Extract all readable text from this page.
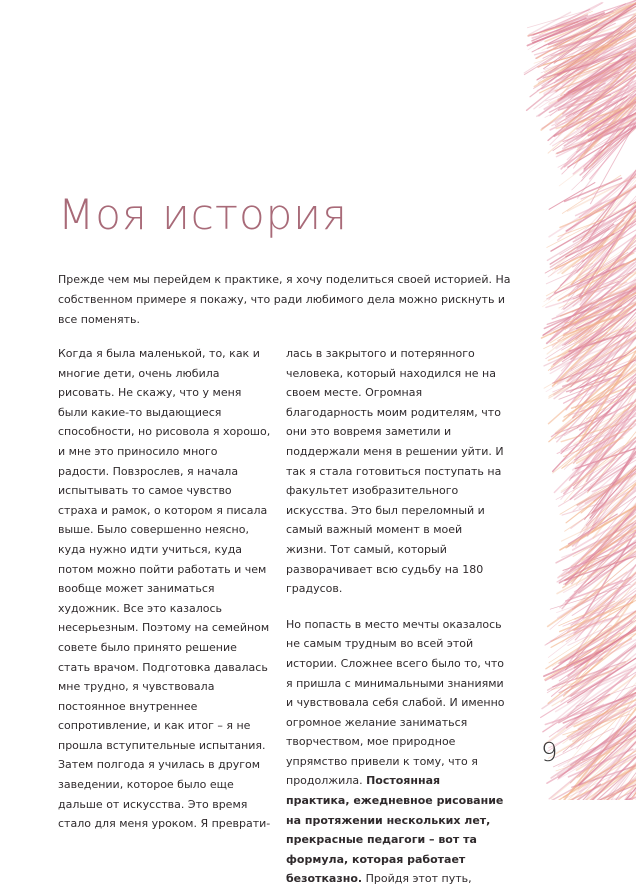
Моя история

Прежде чем мы перейдем к практике, я хочу поделиться своей историей. На собственном примере я покажу, что ради любимого дела можно рискнуть и все поменять.

Когда я была маленькой, то, как и многие дети, очень любила рисовать. Не скажу, что у меня были какие-то выдающиеся способности, но рисовола я хорошо, и мне это приносило много радости. Повзрослев, я начала испытывать то самое чувство страха и рамок, о котором я писала выше. Было совершенно неясно, куда нужно идти учиться, куда потом можно пойти работать и чем вообще может заниматься художник. Все это казалось несерьезным. Поэтому на семейном совете было принято решение стать врачом. Подготовка давалась мне трудно, я чувствовала постоянное внутреннее сопротивление, и как итог – я не прошла вступительные испытания. Затем полгода я училась в другом заведении, которое было еще дальше от искусства. Это время стало для меня уроком. Я преврати-

лась в закрытого и потерянного человека, который находился не на своем месте. Огромная благодарность моим родителям, что они это вовремя заметили и поддержали меня в решении уйти. И так я стала готовиться поступать на факультет изобразительного искусства. Это был переломный и самый важный момент в моей жизни. Тот самый, который разворачивает всю судьбу на 180 градусов.

Но попасть в место мечты оказалось не самым трудным во всей этой истории. Сложнее всего было то, что я пришла с минимальными знаниями и чувствовала себя слабой. И именно огромное желание заниматься творчеством, мое природное упрямство привели к тому, что я продолжила. Постоянная практика, ежедневное рисование на протяжении нескольких лет, прекрасные педагоги – вот та формула, которая работает безотказно. Пройдя этот путь,

9
